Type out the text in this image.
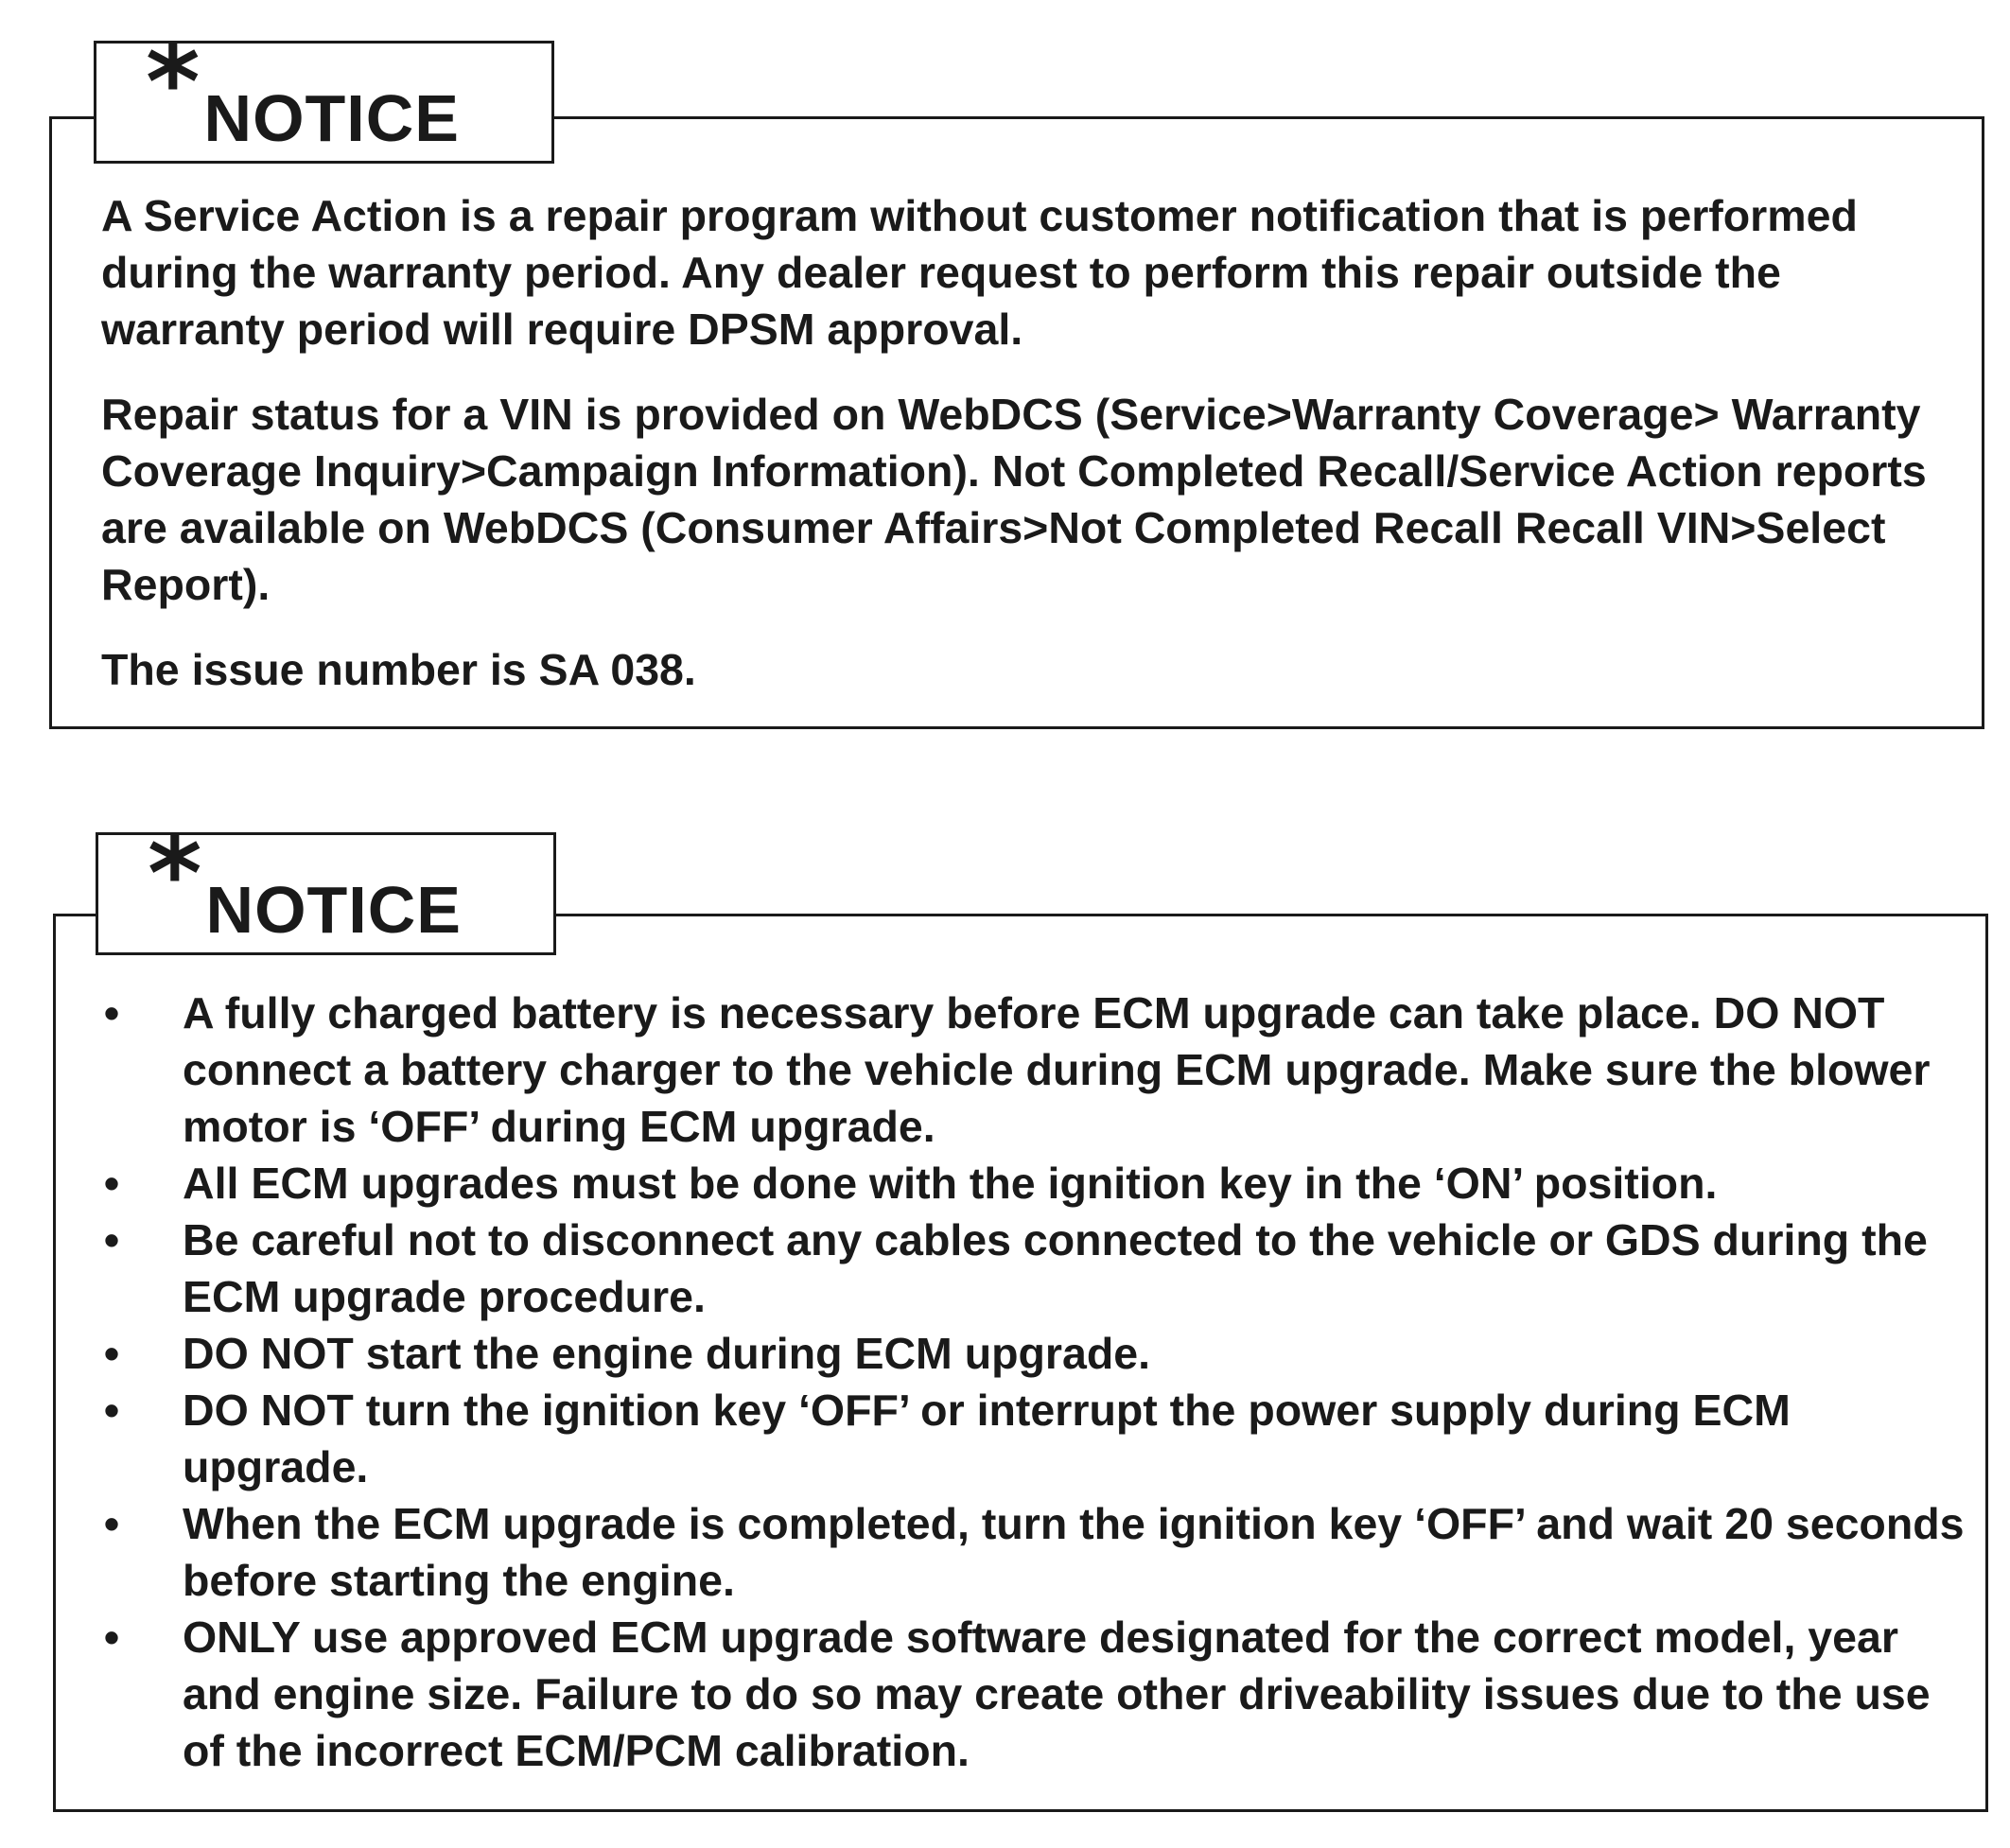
A Service Action is a repair program without customer notification that is performed during the warranty period. Any dealer request to perform this repair outside the warranty period will require DPSM approval.

Repair status for a VIN is provided on WebDCS (Service>Warranty Coverage> Warranty Coverage Inquiry>Campaign Information). Not Completed Recall/Service Action reports are available on WebDCS (Consumer Affairs>Not Completed Recall Recall VIN>Select Report).

The issue number is SA 038.

* NOTICE
• A fully charged battery is necessary before ECM upgrade can take place. DO NOT connect a battery charger to the vehicle during ECM upgrade. Make sure the blower motor is ‘OFF’ during ECM upgrade.
• All ECM upgrades must be done with the ignition key in the ‘ON’ position.
• Be careful not to disconnect any cables connected to the vehicle or GDS during the ECM upgrade procedure.
• DO NOT start the engine during ECM upgrade.
• DO NOT turn the ignition key ‘OFF’ or interrupt the power supply during ECM upgrade.
• When the ECM upgrade is completed, turn the ignition key ‘OFF’ and wait 20 seconds before starting the engine.
• ONLY use approved ECM upgrade software designated for the correct model, year and engine size. Failure to do so may create other driveability issues due to the use of the incorrect ECM/PCM calibration.
* NOTICE
